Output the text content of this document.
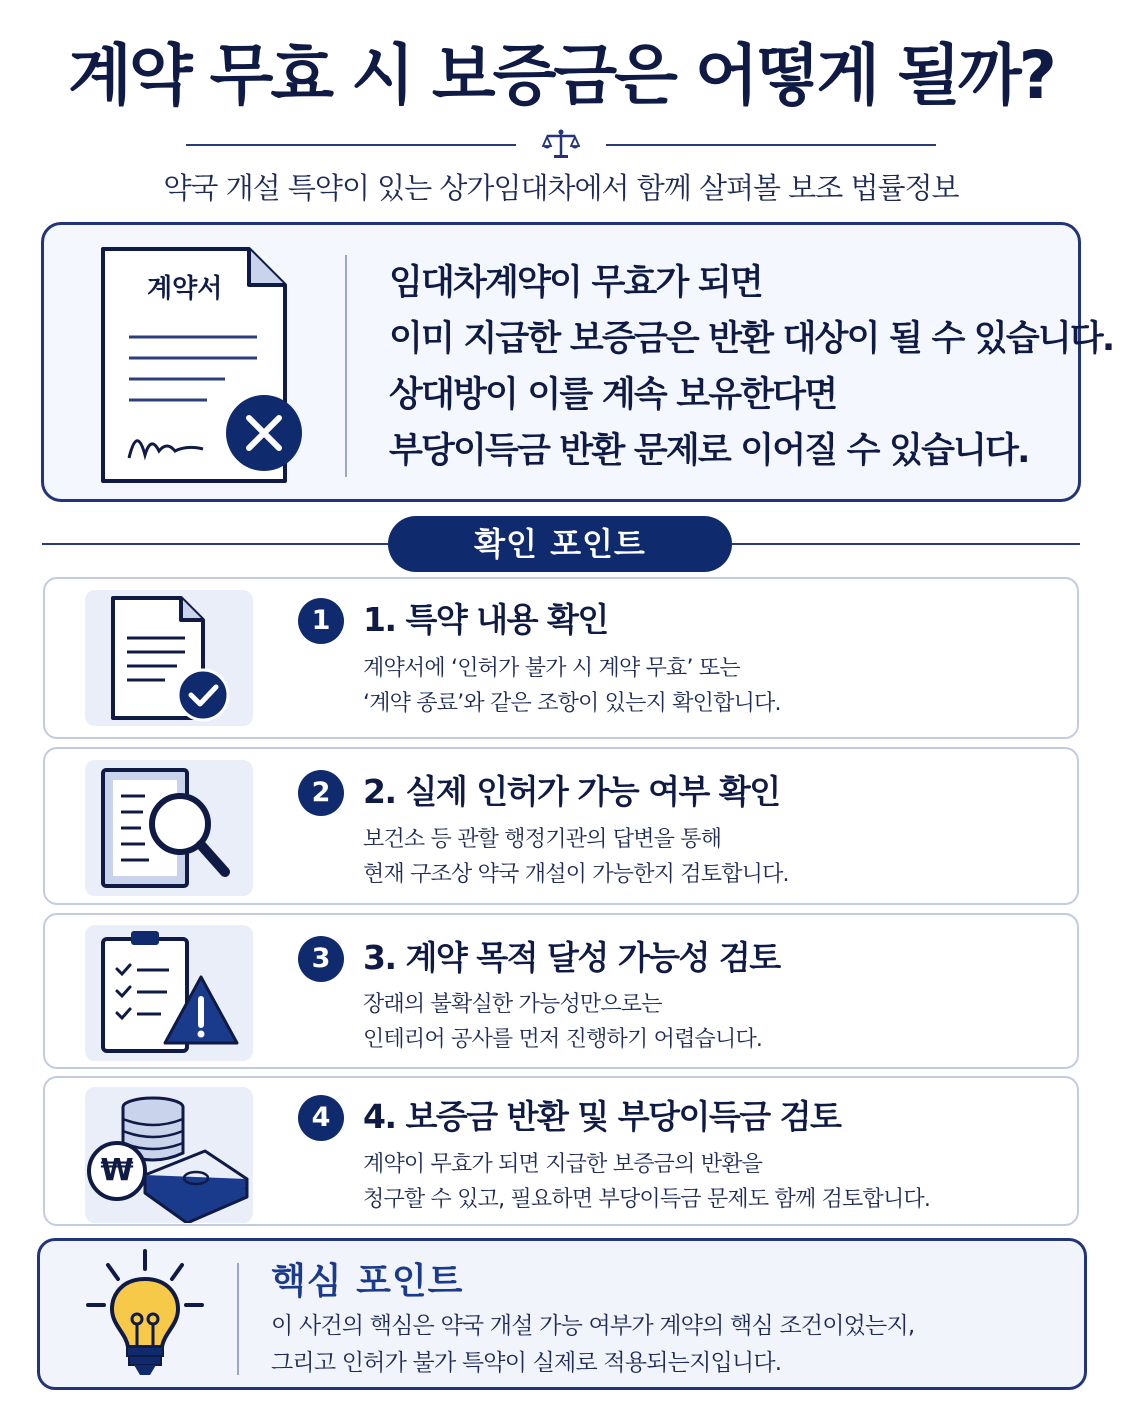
계약 무효 시 보증금은 어떻게 될까?
약국 개설 특약이 있는 상가임대차에서 함께 살펴볼 보조 법률정보
계약서	임대차계약이 무효가 되면
이미 지급한 보증금은 반환 대상이 될 수 있습니다.
상대방이 이를 계속 보유한다면
부당이득금 반환 문제로 이어질 수 있습니다.
확인 포인트
1 1. 특약 내용 확인
계약서에 ‘인허가 불가 시 계약 무효’ 또는
‘계약 종료’와 같은 조항이 있는지 확인합니다.
2 2. 실제 인허가 가능 여부 확인
보건소 등 관할 행정기관의 답변을 통해
현재 구조상 약국 개설이 가능한지 검토합니다.
3 3. 계약 목적 달성 가능성 검토
장래의 불확실한 가능성만으로는
인테리어 공사를 먼저 진행하기 어렵습니다.
₩
4 4. 보증금 반환 및 부당이득금 검토
계약이 무효가 되면 지급한 보증금의 반환을
청구할 수 있고, 필요하면 부당이득금 문제도 함께 검토합니다.
핵심 포인트
이 사건의 핵심은 약국 개설 가능 여부가 계약의 핵심 조건이었는지,
그리고 인허가 불가 특약이 실제로 적용되는지입니다.
